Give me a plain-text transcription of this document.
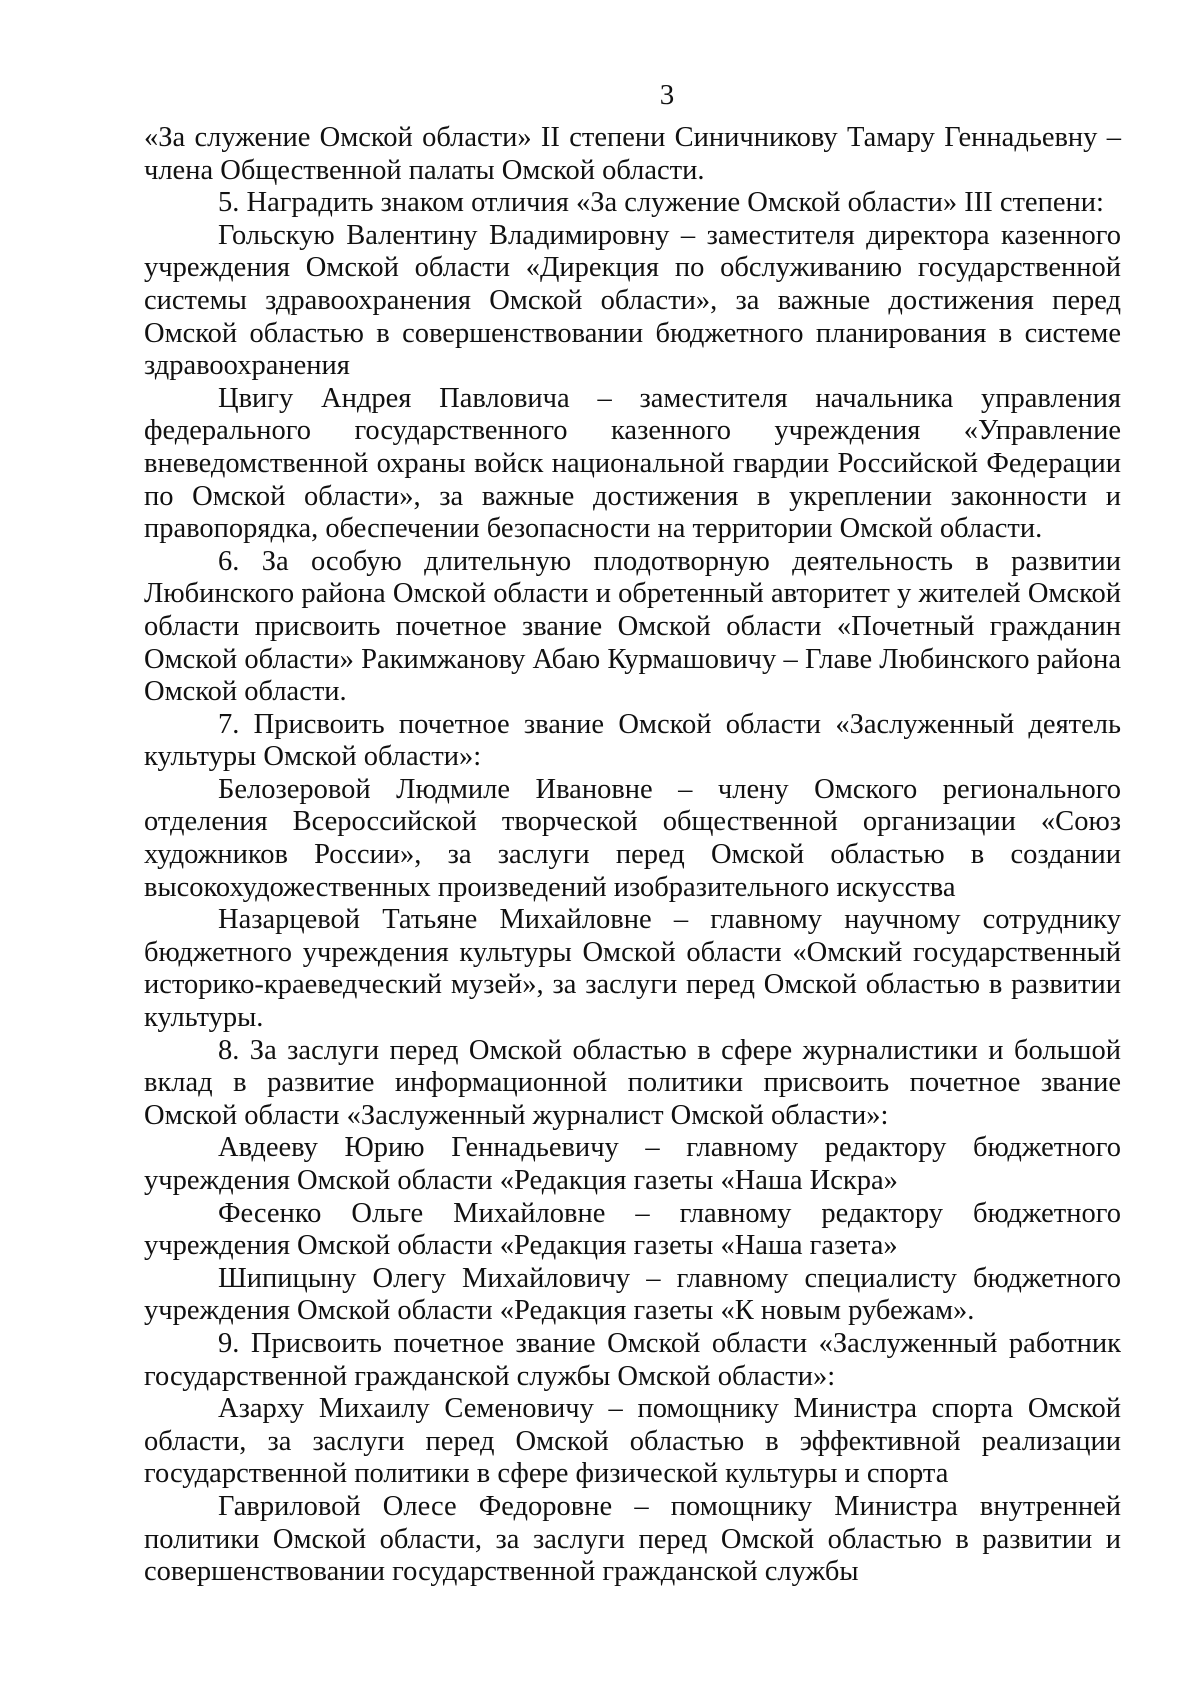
3

«За служение Омской области» II степени Синичникову Тамару Геннадьевну – члена Общественной палаты Омской области.

5. Наградить знаком отличия «За служение Омской области» III степени:

Гольскую Валентину Владимировну – заместителя директора казенного учреждения Омской области «Дирекция по обслуживанию государственной системы здравоохранения Омской области», за важные достижения перед Омской областью в совершенствовании бюджетного планирования в системе здравоохранения

Цвигу Андрея Павловича – заместителя начальника управления федерального государственного казенного учреждения «Управление вневедомственной охраны войск национальной гвардии Российской Федерации по Омской области», за важные достижения в укреплении законности и правопорядка, обеспечении безопасности на территории Омской области.

6. За особую длительную плодотворную деятельность в развитии Любинского района Омской области и обретенный авторитет у жителей Омской области присвоить почетное звание Омской области «Почетный гражданин Омской области» Ракимжанову Абаю Курмашовичу – Главе Любинского района Омской области.

7. Присвоить почетное звание Омской области «Заслуженный деятель культуры Омской области»:

Белозеровой Людмиле Ивановне – члену Омского регионального отделения Всероссийской творческой общественной организации «Союз художников России», за заслуги перед Омской областью в создании высокохудожественных произведений изобразительного искусства

Назарцевой Татьяне Михайловне – главному научному сотруднику бюджетного учреждения культуры Омской области «Омский государственный историко-краеведческий музей», за заслуги перед Омской областью в развитии культуры.

8. За заслуги перед Омской областью в сфере журналистики и большой вклад в развитие информационной политики присвоить почетное звание Омской области «Заслуженный журналист Омской области»:

Авдееву Юрию Геннадьевичу – главному редактору бюджетного учреждения Омской области «Редакция газеты «Наша Искра»

Фесенко Ольге Михайловне – главному редактору бюджетного учреждения Омской области «Редакция газеты «Наша газета»

Шипицыну Олегу Михайловичу – главному специалисту бюджетного учреждения Омской области «Редакция газеты «К новым рубежам».

9. Присвоить почетное звание Омской области «Заслуженный работник государственной гражданской службы Омской области»:

Азарху Михаилу Семеновичу – помощнику Министра спорта Омской области, за заслуги перед Омской областью в эффективной реализации государственной политики в сфере физической культуры и спорта

Гавриловой Олесе Федоровне – помощнику Министра внутренней политики Омской области, за заслуги перед Омской областью в развитии и совершенствовании государственной гражданской службы
